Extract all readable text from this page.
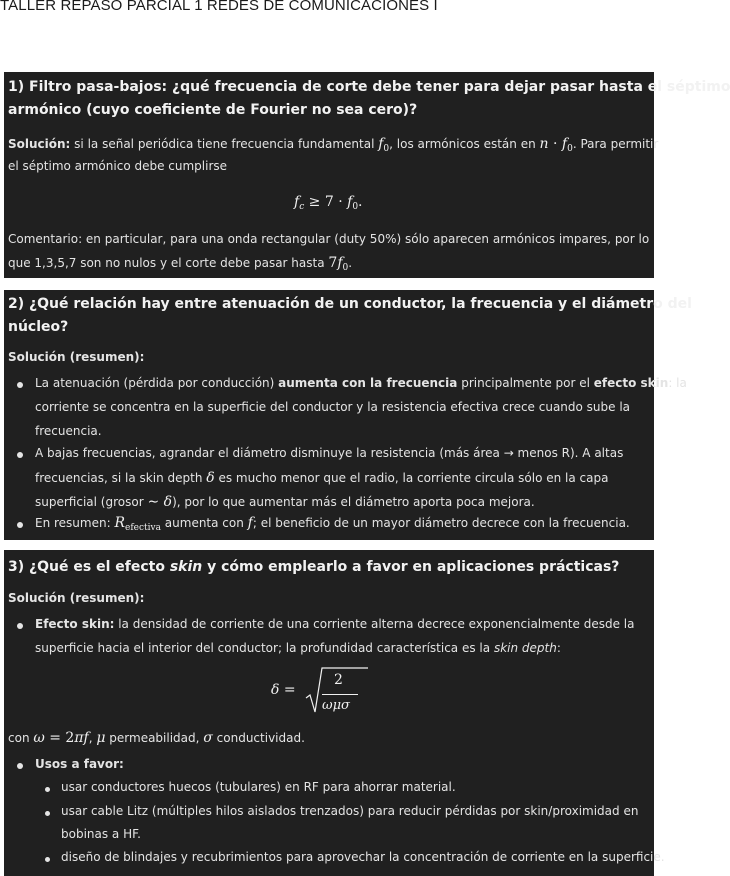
TALLER REPASO PARCIAL 1 REDES DE COMUNICACIONES I
1) Filtro pasa-bajos: ¿qué frecuencia de corte debe tener para dejar pasar hasta el séptimo
armónico (cuyo coeficiente de Fourier no sea cero)?
Solución: si la señal periódica tiene frecuencia fundamental $f_0$, los armónicos están en $n \cdot f_0$. Para permitir
el séptimo armónico debe cumplirse
$f_c \ge 7 \cdot f_0$.
Comentario: en particular, para una onda rectangular (duty 50%) sólo aparecen armónicos impares, por lo
que 1,3,5,7 son no nulos y el corte debe pasar hasta $7f_0$.
2) ¿Qué relación hay entre atenuación de un conductor, la frecuencia y el diámetro del
núcleo?
Solución (resumen):
La atenuación (pérdida por conducción) aumenta con la frecuencia principalmente por el efecto skin: la
corriente se concentra en la superficie del conductor y la resistencia efectiva crece cuando sube la
frecuencia.
A bajas frecuencias, agrandar el diámetro disminuye la resistencia (más área → menos R). A altas
frecuencias, si la skin depth δ es mucho menor que el radio, la corriente circula sólo en la capa
superficial (grosor ∼ δ), por lo que aumentar más el diámetro aporta poca mejora.
En resumen: $R_{efectiva}$ aumenta con f; el beneficio de un mayor diámetro decrece con la frecuencia.
3) ¿Qué es el efecto skin y cómo emplearlo a favor en aplicaciones prácticas?
Solución (resumen):
Efecto skin: la densidad de corriente de una corriente alterna decrece exponencialmente desde la
superficie hacia el interior del conductor; la profundidad característica es la skin depth:
δ =
2
ωμσ
con ω = 2πf, μ permeabilidad, σ conductividad.
Usos a favor:
usar conductores huecos (tubulares) en RF para ahorrar material.
usar cable Litz (múltiples hilos aislados trenzados) para reducir pérdidas por skin/proximidad en
bobinas a HF.
diseño de blindajes y recubrimientos para aprovechar la concentración de corriente en la superficie.
